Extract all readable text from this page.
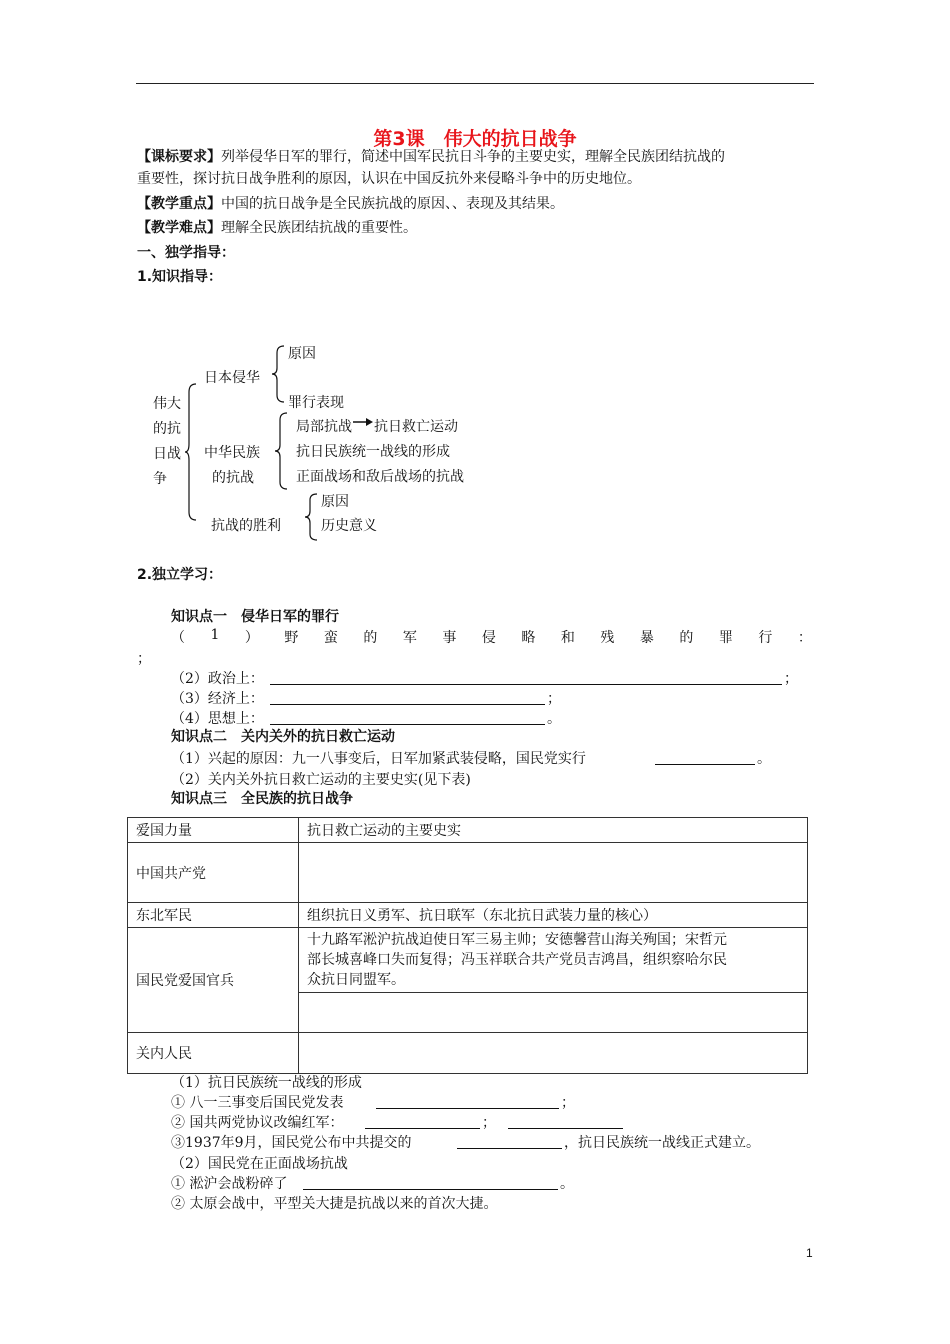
第3课　伟大的抗日战争
【课标要求】列举侵华日军的罪行，简述中国军民抗日斗争的主要史实，理解全民族团结抗战的
重要性，探讨抗日战争胜利的原因，认识在中国反抗外来侵略斗争中的历史地位。
【教学重点】中国的抗日战争是全民族抗战的原因、、表现及其结果。
【教学难点】理解全民族团结抗战的重要性。
一、独学指导：
1.知识指导：
伟大
的抗
日战
争
日本侵华
原因
罪行表现
中华民族
的抗战
局部抗战 抗日救亡运动
抗日民族统一战线的形成
正面战场和敌后战场的抗战
抗战的胜利
原因
历史意义
2.独立学习：
知识点一　侵华日军的罪行
（ 1 ） 野 蛮 的 军 事 侵 略 和 残 暴 的 罪 行 ：
；
（2）政治上：	；
（3）经济上：	；
（4）思想上：	。
知识点二　关内关外的抗日救亡运动
（1）兴起的原因：九一八事变后，日军加紧武装侵略，国民党实行	。
（2）关内关外抗日救亡运动的主要史实(见下表)
知识点三　全民族的抗日战争
爱国力量	抗日救亡运动的主要史实
中国共产党	
东北军民	组织抗日义勇军、抗日联军（东北抗日武装力量的核心）
国民党爱国官兵	十九路军淞沪抗战迫使日军三易主帅；安德馨营山海关殉国；宋哲元
部长城喜峰口失而复得；冯玉祥联合共产党员吉鸿昌，组织察哈尔民
众抗日同盟军。

关内人民	
（1）抗日民族统一战线的形成
① 八一三事变后国民党发表	；
② 国共两党协议改编红军：	；
③1937年9月，国民党公布中共提交的	，抗日民族统一战线正式建立。
（2）国民党在正面战场抗战
① 淞沪会战粉碎了	。
② 太原会战中，平型关大捷是抗战以来的首次大捷。
1
